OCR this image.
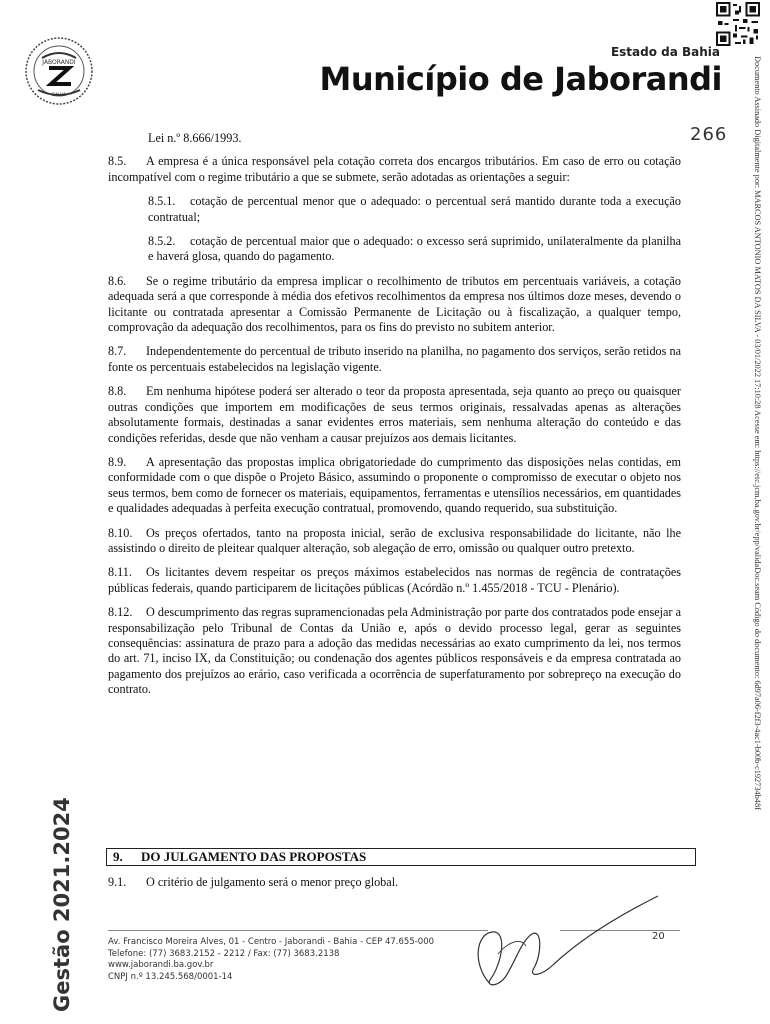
JABORANDI
BAHIA
Estado da Bahia
Município de Jaborandi
266	Documento Assinado Digitalmente por: MARCOS ANTONIO MATOS DA SILVA - 03/01/2022 17:10:28 Acesse em: https://etc.jcm.ba.gov.br/epp/validaDoc.seam Código do documento: 6d97a06-f2f3-4ac1-b00b-c192734b48f
Gestão 2021.2024

Lei n.º 8.666/1993.

8.5. A empresa é a única responsável pela cotação correta dos encargos tributários. Em caso de erro ou cotação incompatível com o regime tributário a que se submete, serão adotadas as orientações a seguir:

8.5.1. cotação de percentual menor que o adequado: o percentual será mantido durante toda a execução contratual;

8.5.2. cotação de percentual maior que o adequado: o excesso será suprimido, unilateralmente da planilha e haverá glosa, quando do pagamento.

8.6. Se o regime tributário da empresa implicar o recolhimento de tributos em percentuais variáveis, a cotação adequada será a que corresponde à média dos efetivos recolhimentos da empresa nos últimos doze meses, devendo o licitante ou contratada apresentar a Comissão Permanente de Licitação ou à fiscalização, a qualquer tempo, comprovação da adequação dos recolhimentos, para os fins do previsto no subitem anterior.

8.7. Independentemente do percentual de tributo inserido na planilha, no pagamento dos serviços, serão retidos na fonte os percentuais estabelecidos na legislação vigente.

8.8. Em nenhuma hipótese poderá ser alterado o teor da proposta apresentada, seja quanto ao preço ou quaisquer outras condições que importem em modificações de seus termos originais, ressalvadas apenas as alterações absolutamente formais, destinadas a sanar evidentes erros materiais, sem nenhuma alteração do conteúdo e das condições referidas, desde que não venham a causar prejuízos aos demais licitantes.

8.9. A apresentação das propostas implica obrigatoriedade do cumprimento das disposições nelas contidas, em conformidade com o que dispõe o Projeto Básico, assumindo o proponente o compromisso de executar o objeto nos seus termos, bem como de fornecer os materiais, equipamentos, ferramentas e utensílios necessários, em quantidades e qualidades adequadas à perfeita execução contratual, promovendo, quando requerido, sua substituição.

8.10. Os preços ofertados, tanto na proposta inicial, serão de exclusiva responsabilidade do licitante, não lhe assistindo o direito de pleitear qualquer alteração, sob alegação de erro, omissão ou qualquer outro pretexto.

8.11. Os licitantes devem respeitar os preços máximos estabelecidos nas normas de regência de contratações públicas federais, quando participarem de licitações públicas (Acórdão n.º 1.455/2018 - TCU - Plenário).

8.12. O descumprimento das regras supramencionadas pela Administração por parte dos contratados pode ensejar a responsabilização pelo Tribunal de Contas da União e, após o devido processo legal, gerar as seguintes consequências: assinatura de prazo para a adoção das medidas necessárias ao exato cumprimento da lei, nos termos do art. 71, inciso IX, da Constituição; ou condenação dos agentes públicos responsáveis e da empresa contratada ao pagamento dos prejuízos ao erário, caso verificada a ocorrência de superfaturamento por sobrepreço na execução do contrato.

9. DO JULGAMENTO DAS PROPOSTAS
9.1. O critério de julgamento será o menor preço global.
20
Av. Francisco Moreira Alves, 01 - Centro - Jaborandi - Bahia - CEP 47.655-000
Telefone: (77) 3683.2152 - 2212 / Fax: (77) 3683.2138
www.jaborandi.ba.gov.br
CNPJ n.º 13.245.568/0001-14
